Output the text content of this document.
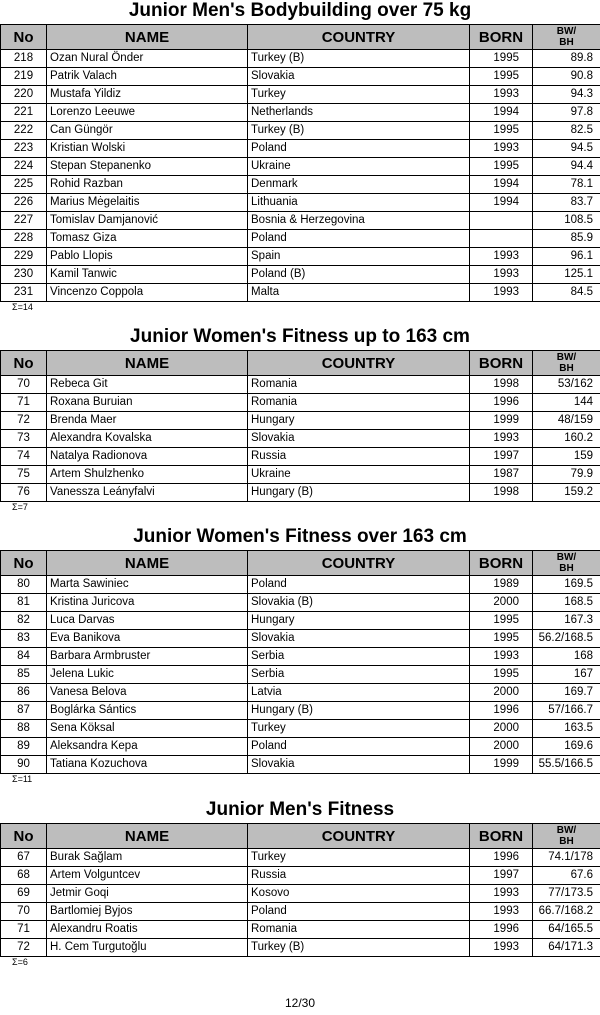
Junior Men's Bodybuilding over 75 kg
No	NAME	COUNTRY	BORN	BW/
BH
218	Ozan Nural Önder	Turkey (B)	1995	89.8
219	Patrik Valach	Slovakia	1995	90.8
220	Mustafa Yildiz	Turkey	1993	94.3
221	Lorenzo Leeuwe	Netherlands	1994	97.8
222	Can Güngör	Turkey (B)	1995	82.5
223	Kristian Wolski	Poland	1993	94.5
224	Stepan Stepanenko	Ukraine	1995	94.4
225	Rohid Razban	Denmark	1994	78.1
226	Marius Mėgelaitis	Lithuania	1994	83.7
227	Tomislav Damjanović	Bosnia & Herzegovina		108.5
228	Tomasz Giza	Poland		85.9
229	Pablo Llopis	Spain	1993	96.1
230	Kamil Tanwic	Poland (B)	1993	125.1
231	Vincenzo Coppola	Malta	1993	84.5
Σ=14
Junior Women's Fitness up to 163 cm
No	NAME	COUNTRY	BORN	BW/
BH
70	Rebeca Git	Romania	1998	53/162
71	Roxana Buruian	Romania	1996	144
72	Brenda Maer	Hungary	1999	48/159
73	Alexandra Kovalska	Slovakia	1993	160.2
74	Natalya Radionova	Russia	1997	159
75	Artem Shulzhenko	Ukraine	1987	79.9
76	Vanessza Leányfalvi	Hungary (B)	1998	159.2
Σ=7
Junior Women's Fitness over 163 cm
No	NAME	COUNTRY	BORN	BW/
BH
80	Marta Sawiniec	Poland	1989	169.5
81	Kristina Juricova	Slovakia (B)	2000	168.5
82	Luca Darvas	Hungary	1995	167.3
83	Eva Banikova	Slovakia	1995	56.2/168.5
84	Barbara Armbruster	Serbia	1993	168
85	Jelena Lukic	Serbia	1995	167
86	Vanesa Belova	Latvia	2000	169.7
87	Boglárka Sántics	Hungary (B)	1996	57/166.7
88	Sena Köksal	Turkey	2000	163.5
89	Aleksandra Kepa	Poland	2000	169.6
90	Tatiana Kozuchova	Slovakia	1999	55.5/166.5
Σ=11
Junior Men's Fitness
No	NAME	COUNTRY	BORN	BW/
BH
67	Burak Sağlam	Turkey	1996	74.1/178
68	Artem Volguntcev	Russia	1997	67.6
69	Jetmir Goqi	Kosovo	1993	77/173.5
70	Bartlomiej Byjos	Poland	1993	66.7/168.2
71	Alexandru Roatis	Romania	1996	64/165.5
72	H. Cem Turgutoğlu	Turkey (B)	1993	64/171.3
Σ=6
12/30
